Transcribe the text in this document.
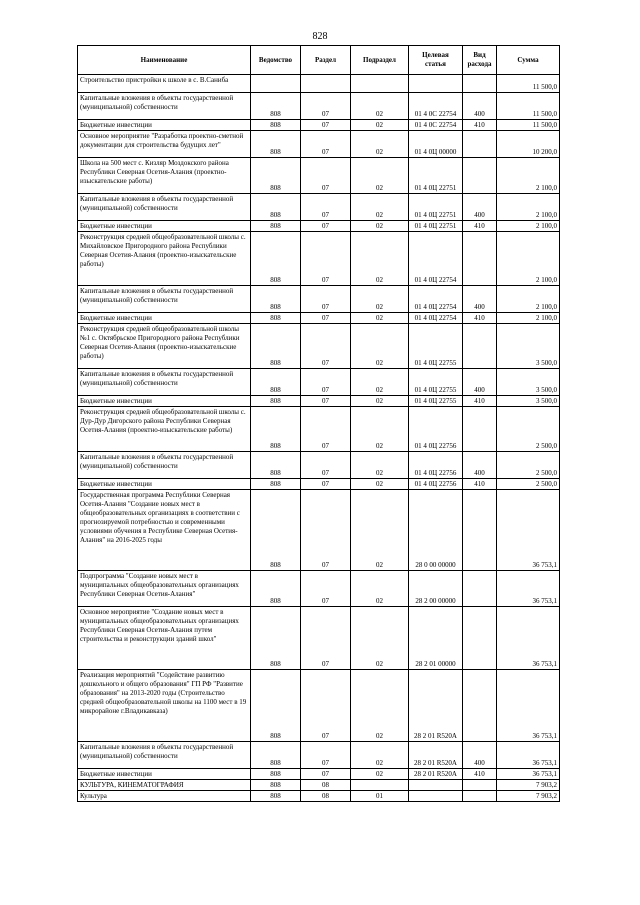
828
Наименование	Ведомство	Раздел	Подраздел	Целевая статья	Вид расхода	Сумма
Строительство пристройки к школе в с. В.Саниба						11 500,0
Капитальные вложения в объекты государственной (муниципальной) собственности	808	07	02	01 4 0С 22754	400	11 500,0
Бюджетные инвестиции	808	07	02	01 4 0С 22754	410	11 500,0
Основное мероприятие "Разработка проектно-сметной документации для строительства будущих лет"	808	07	02	01 4 0Ц 00000		10 200,0
Школа на 500 мест с. Кизляр Моздокского района Республики Северная Осетия-Алания (проектно-изыскательские работы)	808	07	02	01 4 0Ц 22751		2 100,0
Капитальные вложения в объекты государственной (муниципальной) собственности	808	07	02	01 4 0Ц 22751	400	2 100,0
Бюджетные инвестиции	808	07	02	01 4 0Ц 22751	410	2 100,0
Реконструкция средней общеобразовательной школы с. Михайловское Пригородного района Республики Северная Осетия-Алания (проектно-изыскательские работы)	808	07	02	01 4 0Ц 22754		2 100,0
Капитальные вложения в объекты государственной (муниципальной) собственности	808	07	02	01 4 0Ц 22754	400	2 100,0
Бюджетные инвестиции	808	07	02	01 4 0Ц 22754	410	2 100,0
Реконструкция средней общеобразовательной школы №1 с. Октябрьское Пригородного района Республики Северная Осетия-Алания (проектно-изыскательские работы)	808	07	02	01 4 0Ц 22755		3 500,0
Капитальные вложения в объекты государственной (муниципальной) собственности	808	07	02	01 4 0Ц 22755	400	3 500,0
Бюджетные инвестиции	808	07	02	01 4 0Ц 22755	410	3 500,0
Реконструкция средней общеобразовательной школы с. Дур-Дур Дигорского района Республики Северная Осетия-Алания (проектно-изыскательские работы)	808	07	02	01 4 0Ц 22756		2 500,0
Капитальные вложения в объекты государственной (муниципальной) собственности	808	07	02	01 4 0Ц 22756	400	2 500,0
Бюджетные инвестиции	808	07	02	01 4 0Ц 22756	410	2 500,0
Государственная программа Республики Северная Осетия-Алания "Создание новых мест в общеобразовательных организациях в соответствии с прогнозируемой потребностью и современными условиями обучения в Республике Северная Осетия-Алания" на 2016-2025 годы	808	07	02	28 0 00 00000		36 753,1
Подпрограмма "Создание новых мест в муниципальных общеобразовательных организациях Республики Северная Осетия-Алания"	808	07	02	28 2 00 00000		36 753,1
Основное мероприятие "Создание новых мест в муниципальных общеобразовательных организациях Республики Северная Осетия-Алания путем строительства и реконструкции зданий школ"	808	07	02	28 2 01 00000		36 753,1
Реализация мероприятий "Содействие развитию дошкольного и общего образования" ГП РФ "Развитие образования" на 2013-2020 годы (Строительство средней общеобразовательной школы на 1100 мест в 19 микрорайоне г.Владикавказа)	808	07	02	28 2 01 R520A		36 753,1
Капитальные вложения в объекты государственной (муниципальной) собственности	808	07	02	28 2 01 R520A	400	36 753,1
Бюджетные инвестиции	808	07	02	28 2 01 R520A	410	36 753,1
КУЛЬТУРА, КИНЕМАТОГРАФИЯ	808	08				7 903,2
Культура	808	08	01			7 903,2
